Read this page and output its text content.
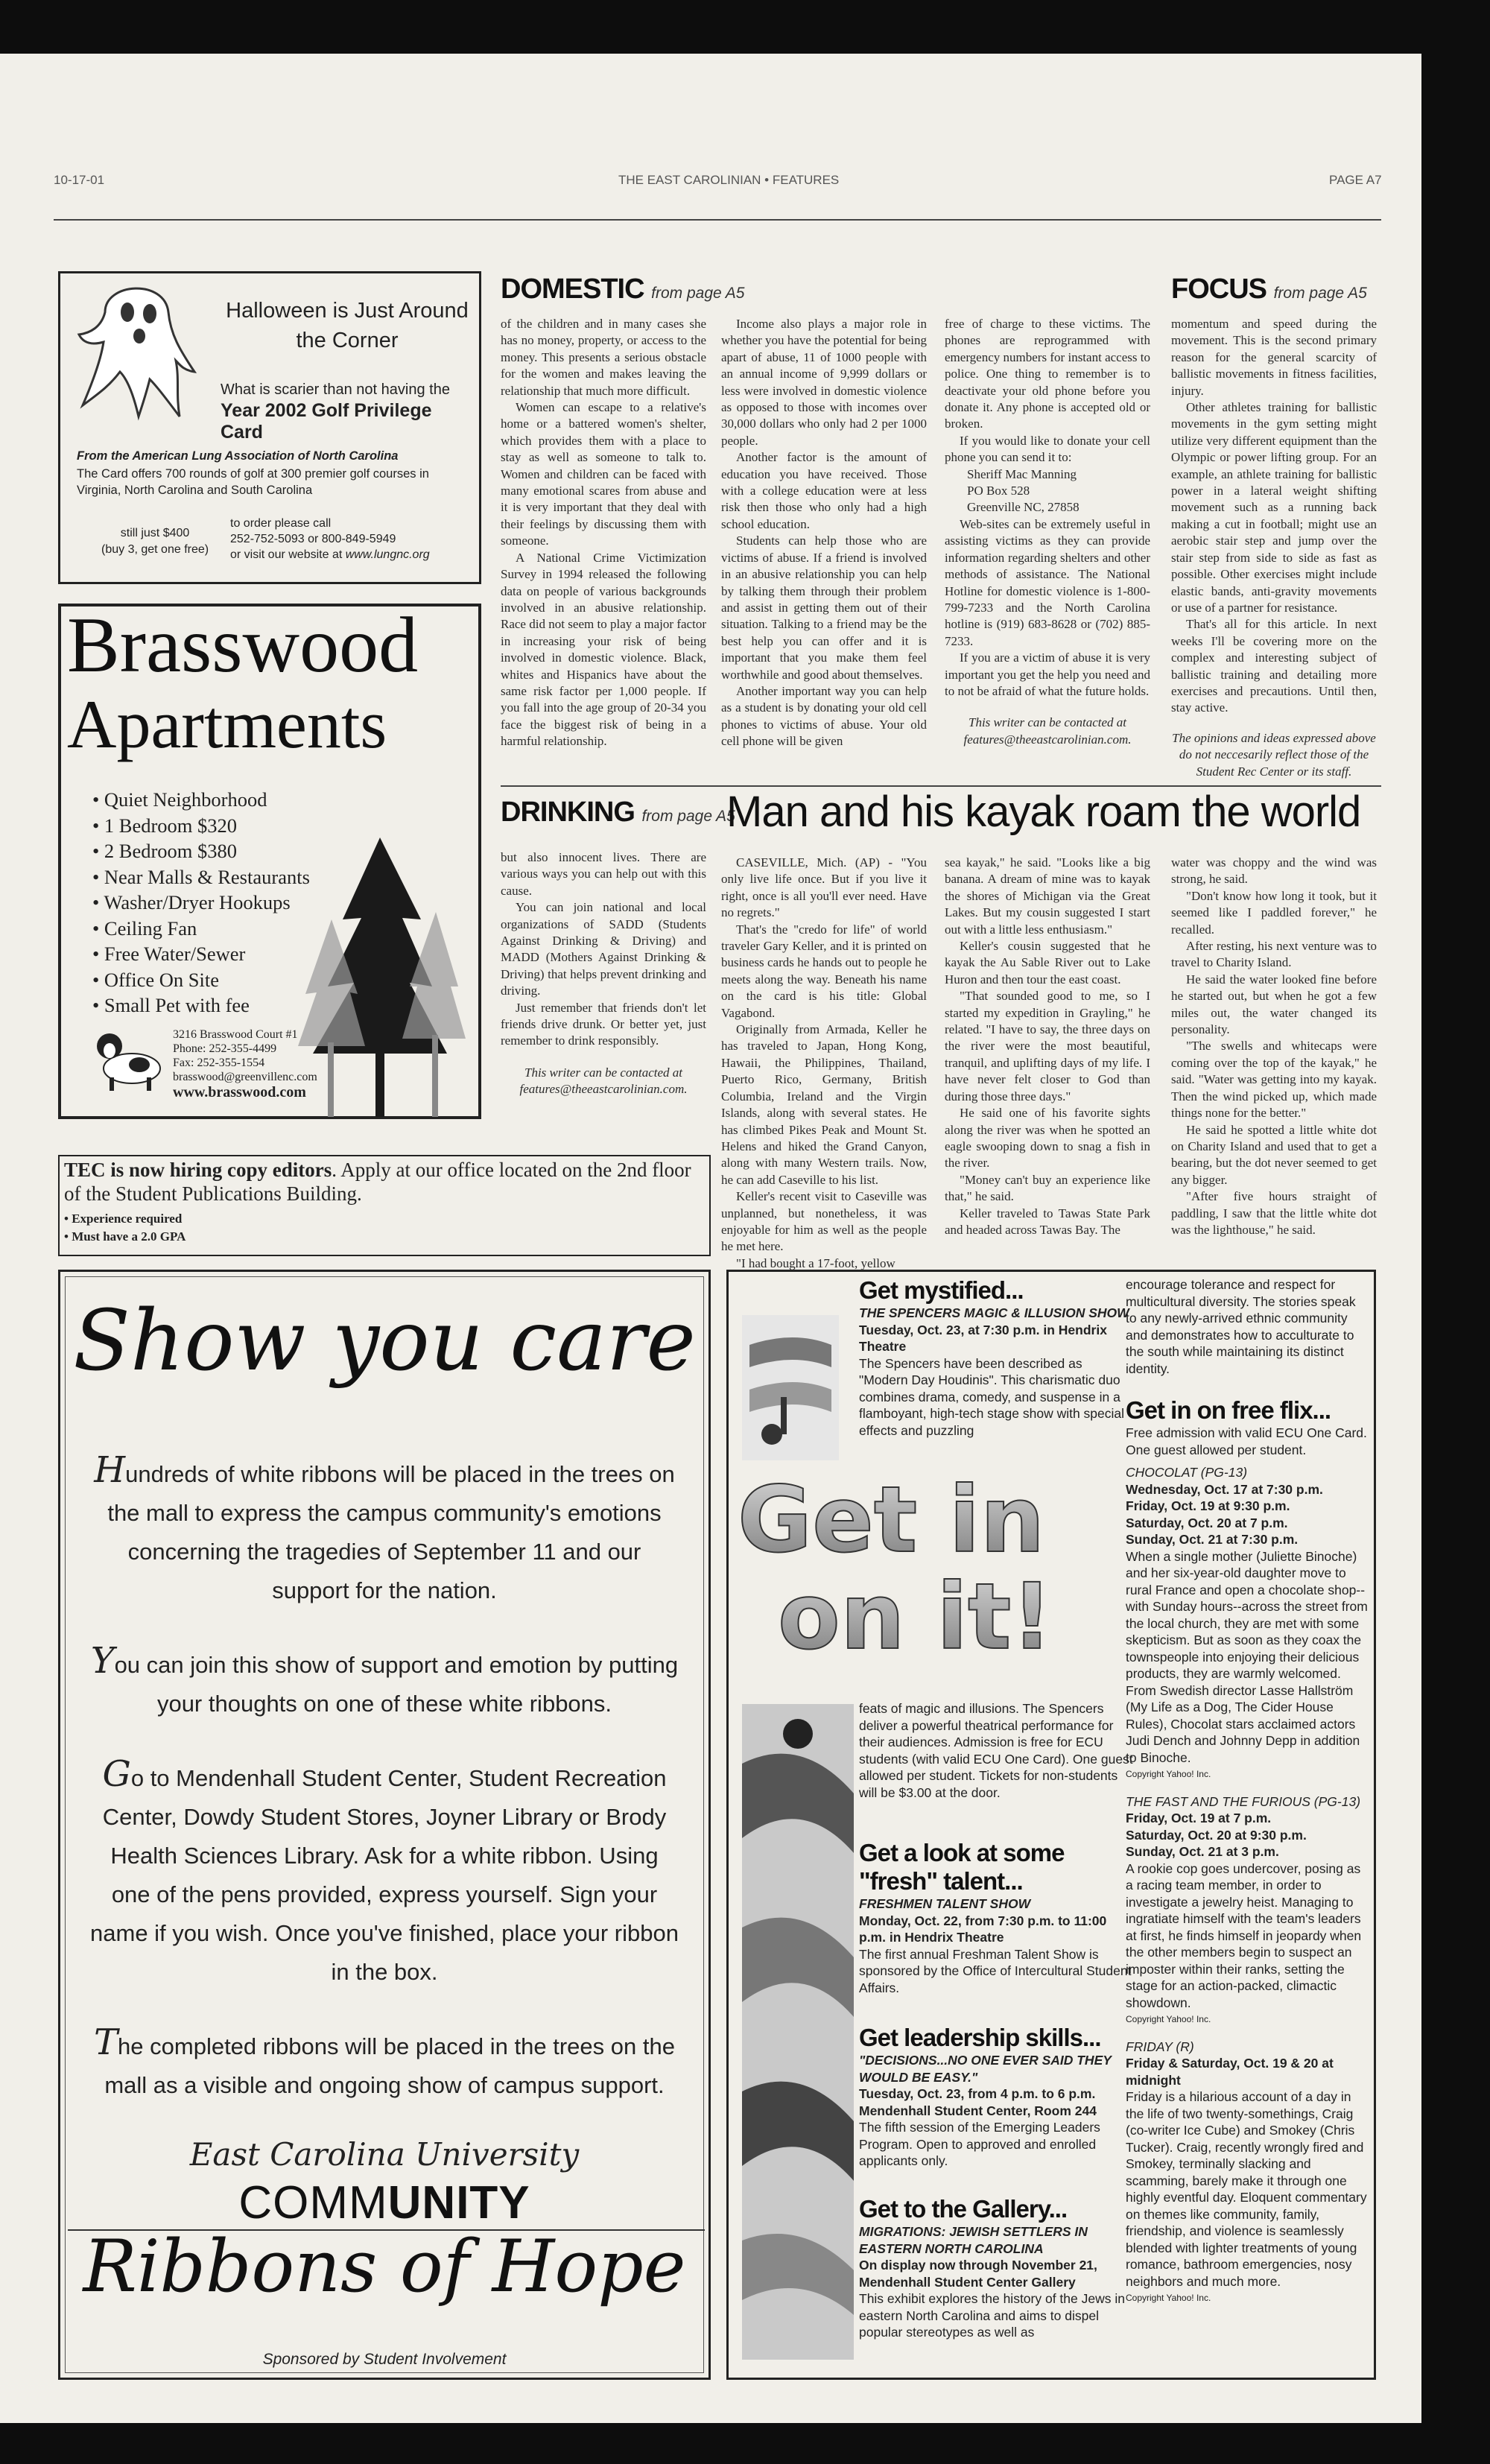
10-17-01	THE EAST CAROLINIAN • FEATURES	PAGE A7
Halloween is Just Around
the Corner
What is scarier than not having the
Year 2002 Golf Privilege Card
From the American Lung Association of North Carolina
The Card offers 700 rounds of golf at 300 premier golf courses in Virginia, North Carolina and South Carolina
still just $400
(buy 3, get one free)
to order please call
252-752-5093 or 800-849-5949
or visit our website at www.lungnc.org
Brasswood
Apartments
• Quiet Neighborhood
• 1 Bedroom $320
• 2 Bedroom $380
• Near Malls & Restaurants
• Washer/Dryer Hookups
• Ceiling Fan
• Free Water/Sewer
• Office On Site
• Small Pet with fee
3216 Brasswood Court #1
Phone: 252-355-4499
Fax: 252-355-1554
brasswood@greenvillenc.com
www.brasswood.com
TEC is now hiring copy editors. Apply at our office located on the 2nd floor of the Student Publications Building.
• Experience required
• Must have a 2.0 GPA
DOMESTIC from page A5

of the children and in many cases she has no money, property, or access to the money. This presents a serious obstacle for the women and makes leaving the relationship that much more difficult.

Women can escape to a relative's home or a battered women's shelter, which provides them with a place to stay as well as someone to talk to. Women and children can be faced with many emotional scares from abuse and it is very important that they deal with their feelings by discussing them with someone.

A National Crime Victimization Survey in 1994 released the following data on people of various backgrounds involved in an abusive relationship. Race did not seem to play a major factor in increasing your risk of being involved in domestic violence. Black, whites and Hispanics have about the same risk factor per 1,000 people. If you fall into the age group of 20-34 you face the biggest risk of being in a harmful relationship.

Income also plays a major role in whether you have the potential for being apart of abuse, 11 of 1000 people with an annual income of 9,999 dollars or less were involved in domestic violence as opposed to those with incomes over 30,000 dollars who only had 2 per 1000 people.

Another factor is the amount of education you have received. Those with a college education were at less risk then those who only had a high school education.

Students can help those who are victims of abuse. If a friend is involved in an abusive relationship you can help by talking them through their problem and assist in getting them out of their situation. Talking to a friend may be the best help you can offer and it is important that you make them feel worthwhile and good about themselves.

Another important way you can help as a student is by donating your old cell phones to victims of abuse. Your old cell phone will be given

free of charge to these victims. The phones are reprogrammed with emergency numbers for instant access to police. One thing to remember is to deactivate your old phone before you donate it. Any phone is accepted old or broken.

If you would like to donate your cell phone you can send it to:

Sheriff Mac Manning
PO Box 528
Greenville NC, 27858

Web-sites can be extremely useful in assisting victims as they can provide information regarding shelters and other methods of assistance. The National Hotline for domestic violence is 1-800-799-7233 and the North Carolina hotline is (919) 683-8628 or (702) 885-7233.

If you are a victim of abuse it is very important you get the help you need and to not be afraid of what the future holds.

This writer can be contacted at

features@theeastcarolinian.com.

FOCUS from page A5

momentum and speed during the movement. This is the second primary reason for the general scarcity of ballistic movements in fitness facilities, injury.

Other athletes training for ballistic movements in the gym setting might utilize very different equipment than the Olympic or power lifting group. For an example, an athlete training for ballistic power in a lateral weight shifting movement such as a running back making a cut in football; might use an aerobic stair step and jump over the stair step from side to side as fast as possible. Other exercises might include elastic bands, anti-gravity movements or use of a partner for resistance.

That's all for this article. In next weeks I'll be covering more on the complex and interesting subject of ballistic training and detailing more exercises and precautions. Until then, stay active.

The opinions and ideas expressed above do not neccesarily reflect those of the Student Rec Center or its staff.

DRINKING from page A5

but also innocent lives. There are various ways you can help out with this cause.

You can join national and local organizations of SADD (Students Against Drinking & Driving) and MADD (Mothers Against Drinking & Driving) that helps prevent drinking and driving.

Just remember that friends don't let friends drive drunk. Or better yet, just remember to drink responsibly.

This writer can be contacted at

features@theeastcarolinian.com.

Man and his kayak roam the world

CASEVILLE, Mich. (AP) - "You only live life once. But if you live it right, once is all you'll ever need. Have no regrets."

That's the "credo for life" of world traveler Gary Keller, and it is printed on business cards he hands out to people he meets along the way. Beneath his name on the card is his title: Global Vagabond.

Originally from Armada, Keller he has traveled to Japan, Hong Kong, Hawaii, the Philippines, Thailand, Puerto Rico, Germany, British Columbia, Ireland and the Virgin Islands, along with several states. He has climbed Pikes Peak and Mount St. Helens and hiked the Grand Canyon, along with many Western trails. Now, he can add Caseville to his list.

Keller's recent visit to Caseville was unplanned, but nonetheless, it was enjoyable for him as well as the people he met here.

"I had bought a 17-foot, yellow

sea kayak," he said. "Looks like a big banana. A dream of mine was to kayak the shores of Michigan via the Great Lakes. But my cousin suggested I start out with a little less enthusiasm."

Keller's cousin suggested that he kayak the Au Sable River out to Lake Huron and then tour the east coast.

"That sounded good to me, so I started my expedition in Grayling," he related. "I have to say, the three days on the river were the most beautiful, tranquil, and uplifting days of my life. I have never felt closer to God than during those three days."

He said one of his favorite sights along the river was when he spotted an eagle swooping down to snag a fish in the river.

"Money can't buy an experience like that," he said.

Keller traveled to Tawas State Park and headed across Tawas Bay. The

water was choppy and the wind was strong, he said.

"Don't know how long it took, but it seemed like I paddled forever," he recalled.

After resting, his next venture was to travel to Charity Island.

He said the water looked fine before he started out, but when he got a few miles out, the water changed its personality.

"The swells and whitecaps were coming over the top of the kayak," he said. "Water was getting into my kayak. Then the wind picked up, which made things none for the better."

He said he spotted a little white dot on Charity Island and used that to get a bearing, but the dot never seemed to get any bigger.

"After five hours straight of paddling, I saw that the little white dot was the lighthouse," he said.

Show you care

Hundreds of white ribbons will be placed in the trees on the mall to express the campus community's emotions concerning the tragedies of September 11 and our support for the nation.

You can join this show of support and emotion by putting your thoughts on one of these white ribbons.

Go to Mendenhall Student Center, Student Recreation Center, Dowdy Student Stores, Joyner Library or Brody Health Sciences Library. Ask for a white ribbon. Using one of the pens provided, express yourself. Sign your name if you wish. Once you've finished, place your ribbon in the box.

The completed ribbons will be placed in the trees on the mall as a visible and ongoing show of campus support.

East Carolina University
COMMUNITY
Ribbons of Hope
Sponsored by Student Involvement
Get in
on it!
Get mystified...
THE SPENCERS MAGIC & ILLUSION SHOW
Tuesday, Oct. 23, at 7:30 p.m. in Hendrix Theatre
The Spencers have been described as "Modern Day Houdinis". This charismatic duo combines drama, comedy, and suspense in a flamboyant, high-tech stage show with special effects and puzzling
feats of magic and illusions. The Spencers deliver a powerful theatrical performance for their audiences. Admission is free for ECU students (with valid ECU One Card). One guest allowed per student. Tickets for non-students will be $3.00 at the door.
Get a look at some "fresh" talent...
FRESHMEN TALENT SHOW
Monday, Oct. 22, from 7:30 p.m. to 11:00 p.m. in Hendrix Theatre
The first annual Freshman Talent Show is sponsored by the Office of Intercultural Student Affairs.
Get leadership skills...
"DECISIONS...NO ONE EVER SAID THEY WOULD BE EASY."
Tuesday, Oct. 23, from 4 p.m. to 6 p.m.
Mendenhall Student Center, Room 244
The fifth session of the Emerging Leaders Program. Open to approved and enrolled applicants only.
Get to the Gallery...
MIGRATIONS: JEWISH SETTLERS IN EASTERN NORTH CAROLINA
On display now through November 21, Mendenhall Student Center Gallery
This exhibit explores the history of the Jews in eastern North Carolina and aims to dispel popular stereotypes as well as
encourage tolerance and respect for multicultural diversity. The stories speak to any newly-arrived ethnic community and demonstrates how to acculturate to the south while maintaining its distinct identity.
Get in on free flix...
Free admission with valid ECU One Card. One guest allowed per student.
CHOCOLAT (PG-13)
Wednesday, Oct. 17 at 7:30 p.m.
Friday, Oct. 19 at 9:30 p.m.
Saturday, Oct. 20 at 7 p.m.
Sunday, Oct. 21 at 7:30 p.m.
When a single mother (Juliette Binoche) and her six-year-old daughter move to rural France and open a chocolate shop--with Sunday hours--across the street from the local church, they are met with some skepticism. But as soon as they coax the townspeople into enjoying their delicious products, they are warmly welcomed. From Swedish director Lasse Hallström (My Life as a Dog, The Cider House Rules), Chocolat stars acclaimed actors Judi Dench and Johnny Depp in addition to Binoche.
Copyright Yahoo! Inc.
THE FAST AND THE FURIOUS (PG-13)
Friday, Oct. 19 at 7 p.m.
Saturday, Oct. 20 at 9:30 p.m.
Sunday, Oct. 21 at 3 p.m.
A rookie cop goes undercover, posing as a racing team member, in order to investigate a jewelry heist. Managing to ingratiate himself with the team's leaders at first, he finds himself in jeopardy when the other members begin to suspect an imposter within their ranks, setting the stage for an action-packed, climactic showdown.
Copyright Yahoo! Inc.
FRIDAY (R)
Friday & Saturday, Oct. 19 & 20 at midnight
Friday is a hilarious account of a day in the life of two twenty-somethings, Craig (co-writer Ice Cube) and Smokey (Chris Tucker). Craig, recently wrongly fired and Smokey, terminally slacking and scamming, barely make it through one highly eventful day. Eloquent commentary on themes like community, family, friendship, and violence is seamlessly blended with lighter treatments of young romance, bathroom emergencies, nosy neighbors and much more.
Copyright Yahoo! Inc.
